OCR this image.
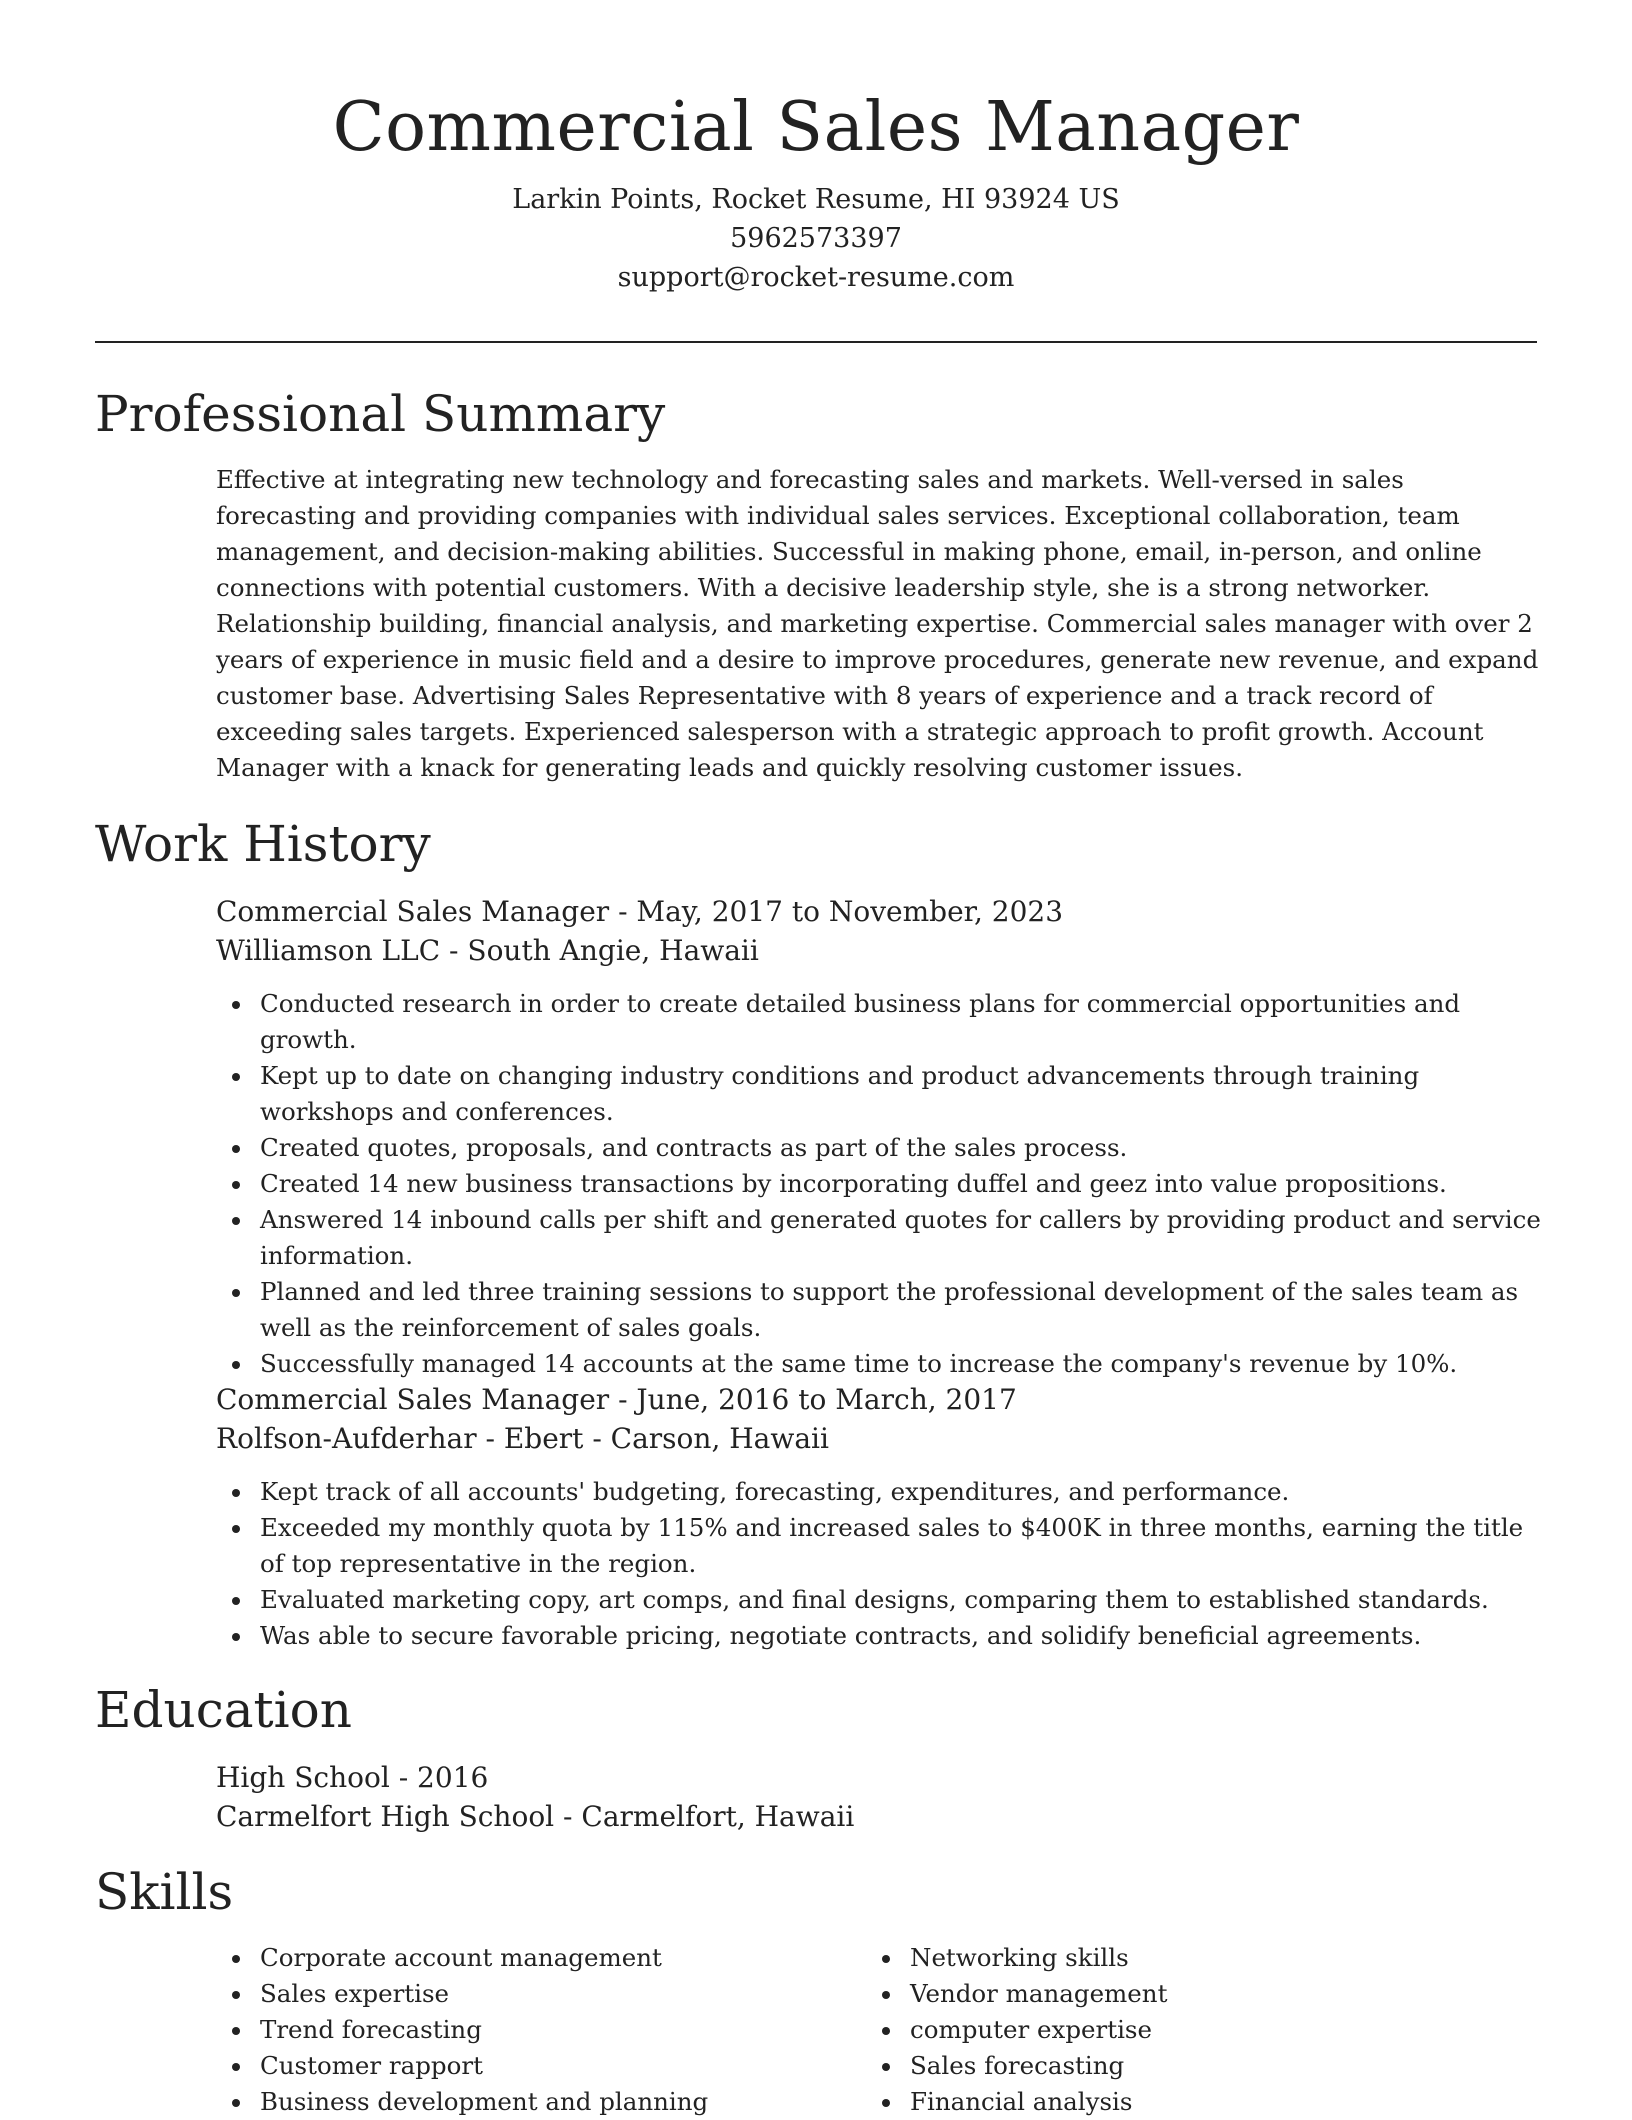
Commercial Sales Manager
Larkin Points, Rocket Resume, HI 93924 US
5962573397
support@rocket-resume.com
Professional Summary

Effective at integrating new technology and forecasting sales and markets. Well-versed in sales forecasting and providing companies with individual sales services. Exceptional collaboration, team management, and decision-making abilities. Successful in making phone, email, in-person, and online connections with potential customers. With a decisive leadership style, she is a strong networker. Relationship building, financial analysis, and marketing expertise. Commercial sales manager with over 2 years of experience in music field and a desire to improve procedures, generate new revenue, and expand customer base. Advertising Sales Representative with 8 years of experience and a track record of exceeding sales targets. Experienced salesperson with a strategic approach to profit growth. Account Manager with a knack for generating leads and quickly resolving customer issues.

Work History
Commercial Sales Manager - May, 2017 to November, 2023
Williamson LLC - South Angie, Hawaii
Conducted research in order to create detailed business plans for commercial opportunities and growth.
Kept up to date on changing industry conditions and product advancements through training workshops and conferences.
Created quotes, proposals, and contracts as part of the sales process.
Created 14 new business transactions by incorporating duffel and geez into value propositions.
Answered 14 inbound calls per shift and generated quotes for callers by providing product and service information.
Planned and led three training sessions to support the professional development of the sales team as well as the reinforcement of sales goals.
Successfully managed 14 accounts at the same time to increase the company's revenue by 10%.
Commercial Sales Manager - June, 2016 to March, 2017
Rolfson-Aufderhar - Ebert - Carson, Hawaii
Kept track of all accounts' budgeting, forecasting, expenditures, and performance.
Exceeded my monthly quota by 115% and increased sales to $400K in three months, earning the title of top representative in the region.
Evaluated marketing copy, art comps, and final designs, comparing them to established standards.
Was able to secure favorable pricing, negotiate contracts, and solidify beneficial agreements.
Education
High School - 2016
Carmelfort High School - Carmelfort, Hawaii
Skills
Corporate account management
Sales expertise
Trend forecasting
Customer rapport
Business development and planning
Networking skills
Vendor management
computer expertise
Sales forecasting
Financial analysis
